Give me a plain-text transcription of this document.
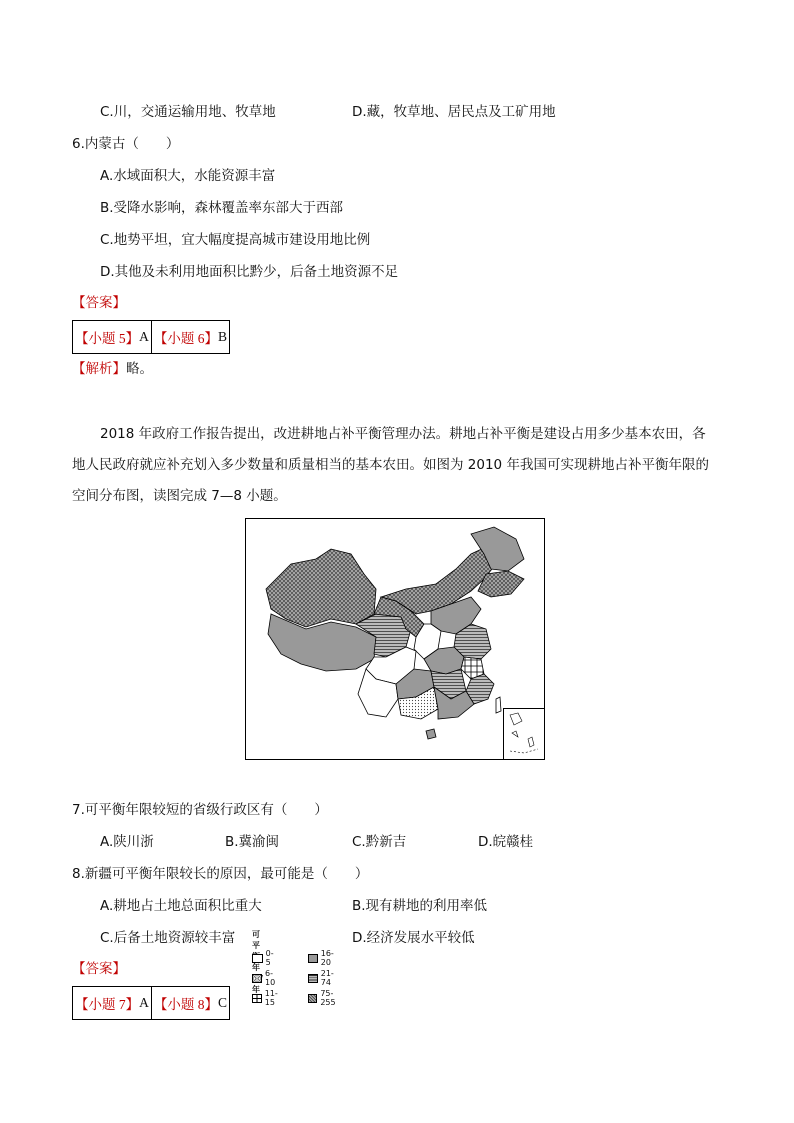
C.川，交通运输用地、牧草地	D.藏，牧草地、居民点及工矿用地
6.内蒙古（　　）
A.水域面积大，水能资源丰富
B.受降水影响，森林覆盖率东部大于西部
C.地势平坦，宜大幅度提高城市建设用地比例
D.其他及未利用地面积比黔少，后备土地资源不足
【答案】
【小题 5】 A 【小题 6】 B
【解析】略。
2018 年政府工作报告提出，改进耕地占补平衡管理办法。耕地占补平衡是建设占用多少基本农田，各
地人民政府就应补充划入多少数量和质量相当的基本农田。如图为 2010 年我国可实现耕地占补平衡年限的
空间分布图，读图完成 7—8 小题。
可平 年 年
0-5
16-20
6-10
21-74
11-15
75-255
7.可平衡年限较短的省级行政区有（　　）
A.陕川浙	B.冀渝闽	C.黔新吉	D.皖赣桂
8.新疆可平衡年限较长的原因，最可能是（　　）
A.耕地占土地总面积比重大	B.现有耕地的利用率低
C.后备土地资源较丰富	D.经济发展水平较低
【答案】
【小题 7】 A 【小题 8】 C
